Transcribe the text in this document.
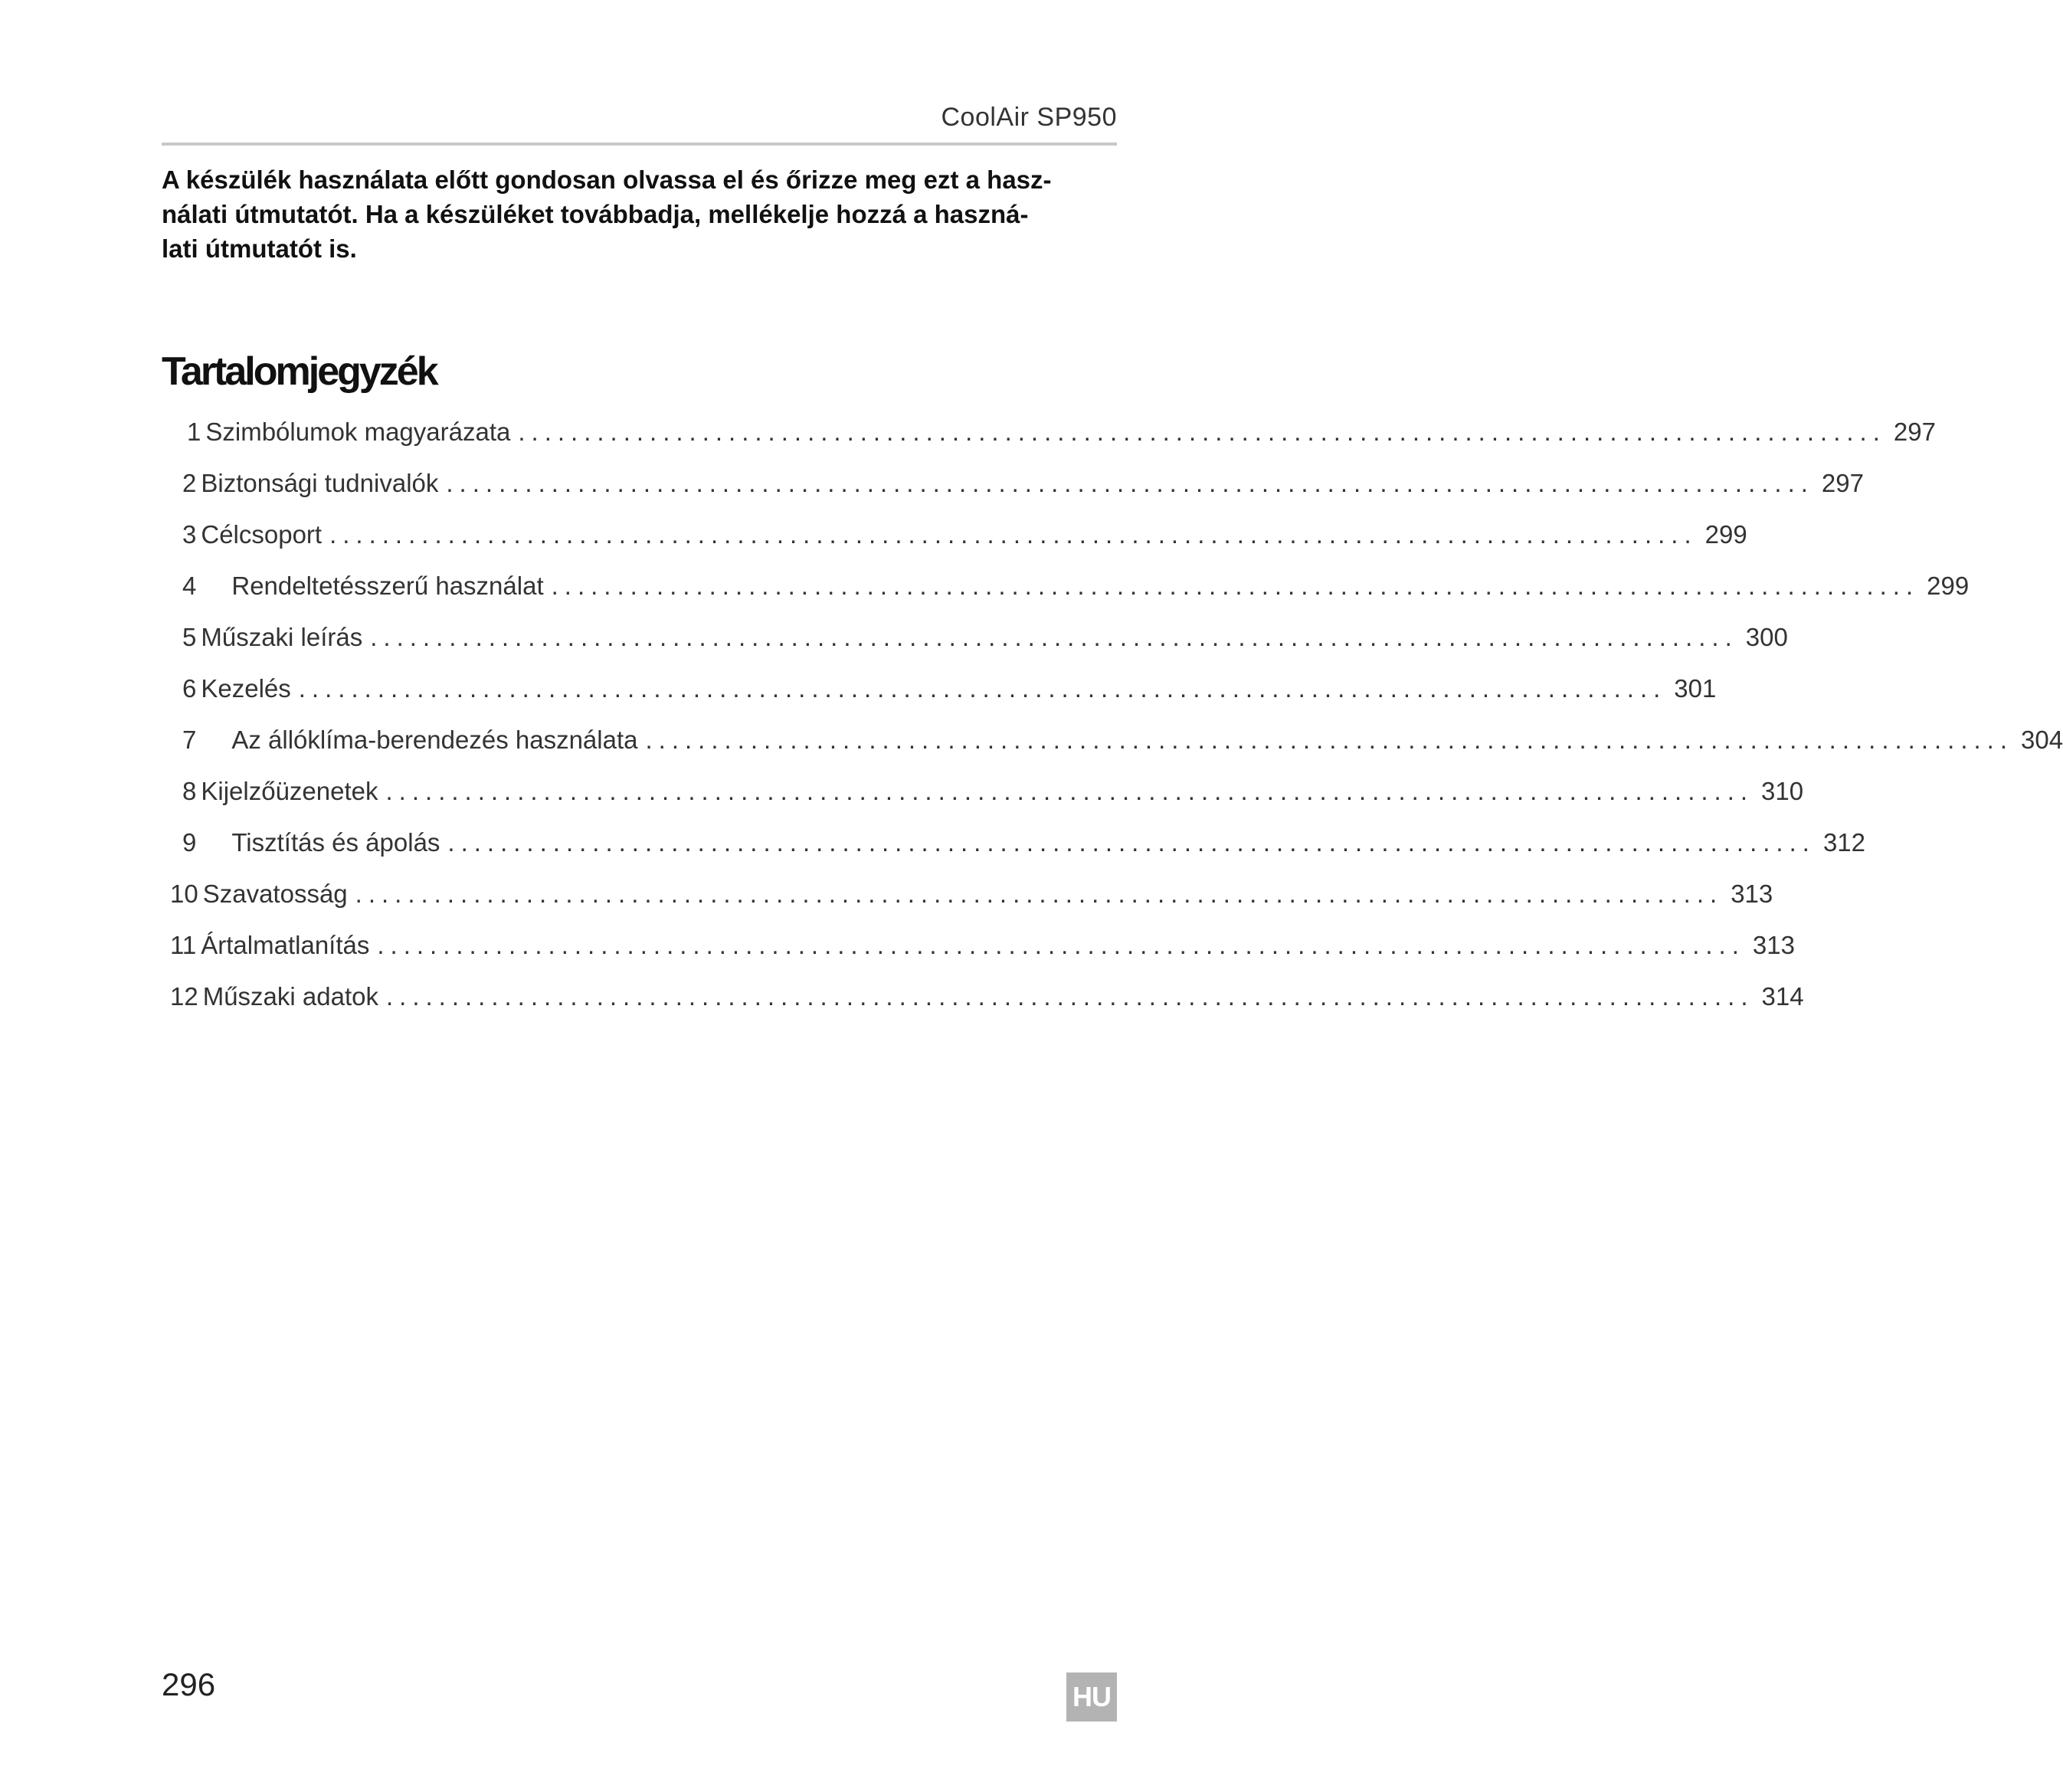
CoolAir SP950
A készülék használata előtt gondosan olvassa el és őrizze meg ezt a hasz-
nálati útmutatót. Ha a készüléket továbbadja, mellékelje hozzá a haszná-
lati útmutatót is.
Tartalomjegyzék
1 Szimbólumok magyarázata ........................................................................................................ 297
2 Biztonsági tudnivalók ........................................................................................................ 297
3 Célcsoport ........................................................................................................ 299
4 Rendeltetésszerű használat ........................................................................................................ 299
5 Műszaki leírás ........................................................................................................ 300
6 Kezelés ........................................................................................................ 301
7 Az állóklíma-berendezés használata ........................................................................................................ 304
8 Kijelzőüzenetek ........................................................................................................ 310
9 Tisztítás és ápolás ........................................................................................................ 312
10 Szavatosság ........................................................................................................ 313
11 Ártalmatlanítás ........................................................................................................ 313
12 Műszaki adatok ........................................................................................................ 314
296	HU
